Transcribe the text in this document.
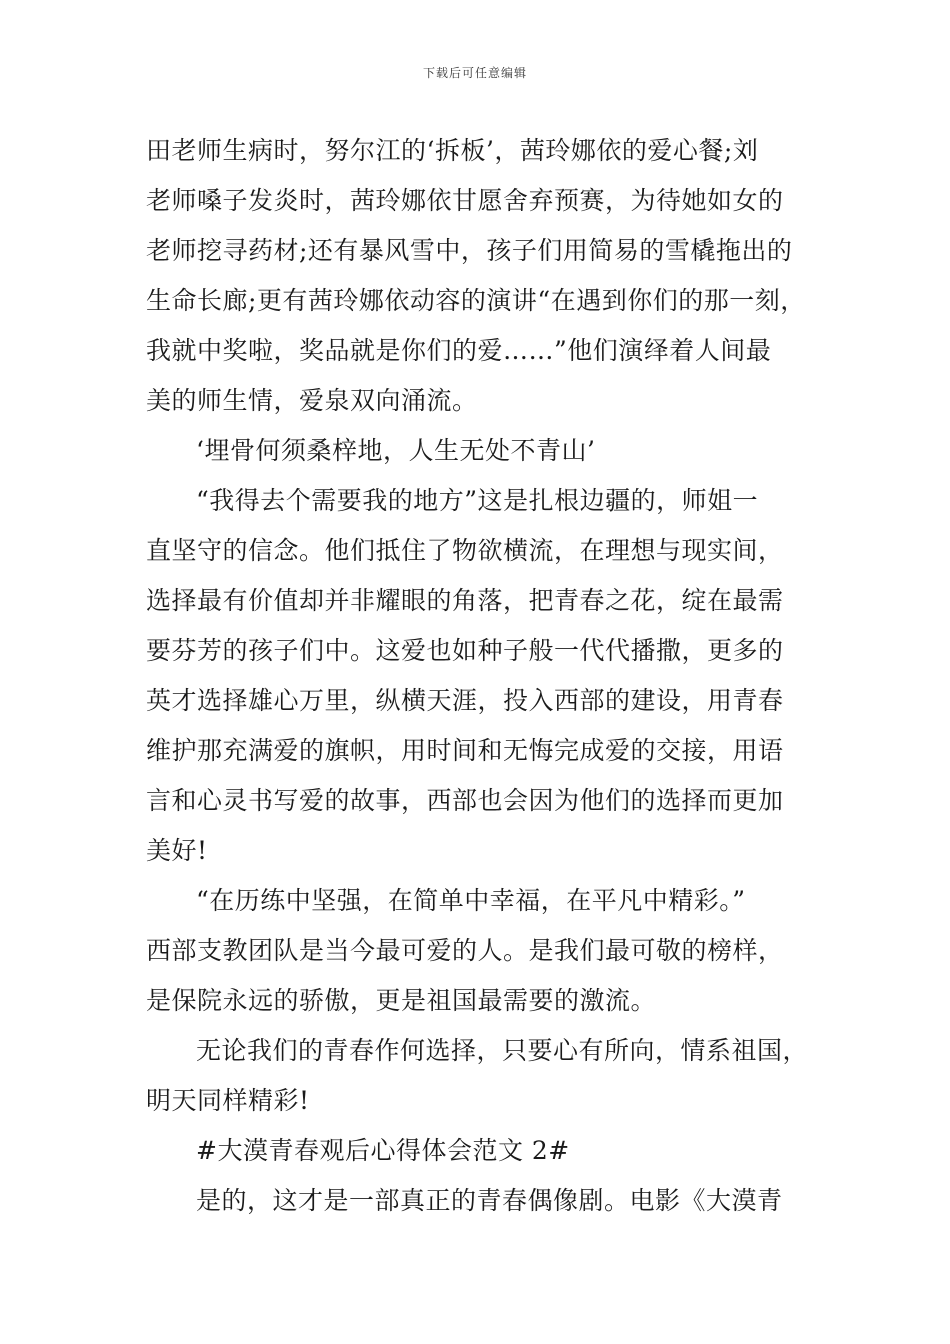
下载后可任意编辑
田老师生病时，努尔江的‘拆板’，茜玲娜依的爱心餐;刘
老师嗓子发炎时，茜玲娜依甘愿舍弃预赛，为待她如女的
老师挖寻药材;还有暴风雪中，孩子们用简易的雪橇拖出的
生命长廊;更有茜玲娜依动容的演讲“在遇到你们的那一刻，
我就中奖啦，奖品就是你们的爱……”他们演绎着人间最
美的师生情，爱泉双向涌流。
‘埋骨何须桑梓地，人生无处不青山’
“我得去个需要我的地方”这是扎根边疆的，师姐一
直坚守的信念。他们抵住了物欲横流，在理想与现实间，
选择最有价值却并非耀眼的角落，把青春之花，绽在最需
要芬芳的孩子们中。这爱也如种子般一代代播撒，更多的
英才选择雄心万里，纵横天涯，投入西部的建设，用青春
维护那充满爱的旗帜，用时间和无悔完成爱的交接，用语
言和心灵书写爱的故事，西部也会因为他们的选择而更加
美好!
“在历练中坚强，在简单中幸福，在平凡中精彩。”
西部支教团队是当今最可爱的人。是我们最可敬的榜样，
是保院永远的骄傲，更是祖国最需要的激流。
无论我们的青春作何选择，只要心有所向，情系祖国，
明天同样精彩!
#大漠青春观后心得体会范文 2#
是的，这才是一部真正的青春偶像剧。电影《大漠青
